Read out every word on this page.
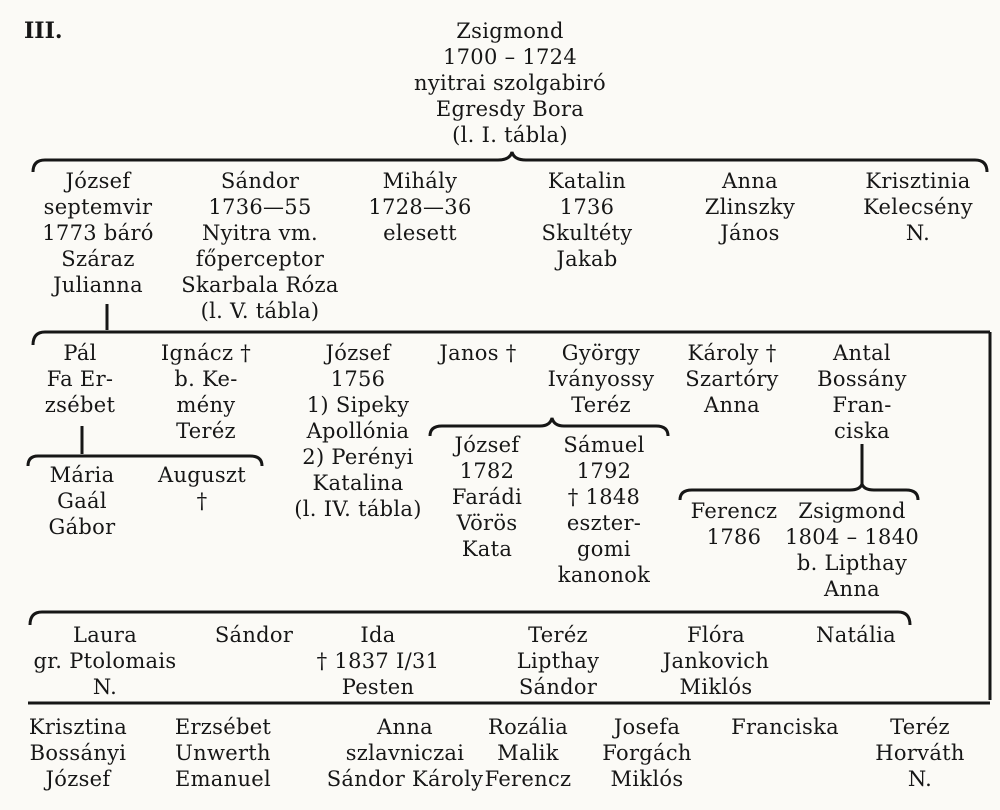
III.	Zsigmond
1700 – 1724
nyitrai szolgabiró
Egresdy Bora
(l. I. tábla)
József
septemvir
1773 báró
Száraz
Julianna
Sándor
1736—55
Nyitra vm.
főperceptor
Skarbala Róza
(l. V. tábla)
Mihály
1728—36
elesett
Katalin
1736
Skultéty
Jakab
Anna
Zlinszky
János
Krisztinia
Kelecsény
N.
Pál
Fa Er-
zsébet
Ignácz †
b. Ke-
mény
Teréz
József
1756
1) Sipeky
Apollónia
2) Perényi
Katalina
(l. IV. tábla)
Janos †	György
Iványossy
Teréz
Károly †
Szartóry
Anna
Antal
Bossány
Fran-
ciska
Mária
Gaál
Gábor
Auguszt
†
József
1782
Farádi
Vörös
Kata
Sámuel
1792
† 1848
eszter-
gomi
kanonok
Ferencz
1786
Zsigmond
1804 – 1840
b. Lipthay
Anna
Laura
gr. Ptolomais
N.
Sándor	Ida
† 1837 I/31
Pesten
Teréz
Lipthay
Sándor
Flóra
Jankovich
Miklós
Natália
Krisztina
Bossányi
József
Erzsébet
Unwerth
Emanuel
Anna
szlavniczai
Sándor Károly
Rozália
Malik
Ferencz
Josefa
Forgách
Miklós
Franciska	Teréz
Horváth
N.
